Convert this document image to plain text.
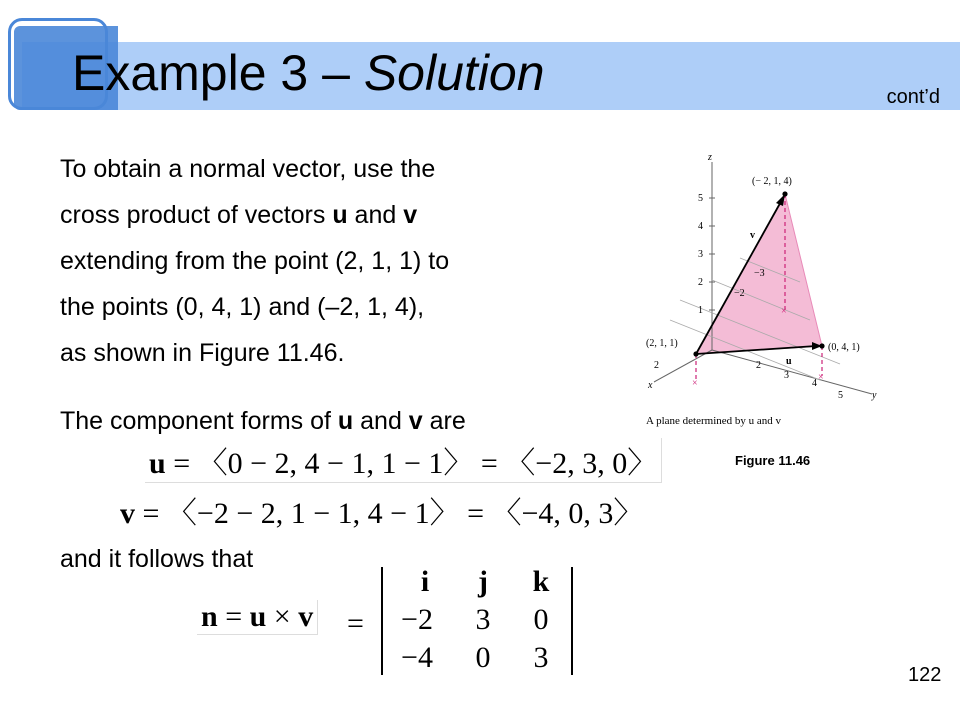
Example 3 – Solution	cont’d
To obtain a normal vector, use the
cross product of vectors u and v
extending from the point (2, 1, 1) to
the points (0, 4, 1) and (–2, 1, 4),
as shown in Figure 11.46.
The component forms of u and v are
u = 〈0 − 2, 4 − 1, 1 − 1〉 = 〈−2, 3, 0〉
v = 〈−2 − 2, 1 − 1, 4 − 1〉 = 〈−4, 0, 3〉
and it follows that
n = u × v =
i	j	k
−2	3	0
−4	0	3
×
×
×
z
x
y
5
4
3
2
1
−3
−2
2	2
3
4
5
(2, 1, 1)	(0, 4, 1)
(− 2, 1, 4)
v
u
A plane determined by u and v
Figure 11.46
122
